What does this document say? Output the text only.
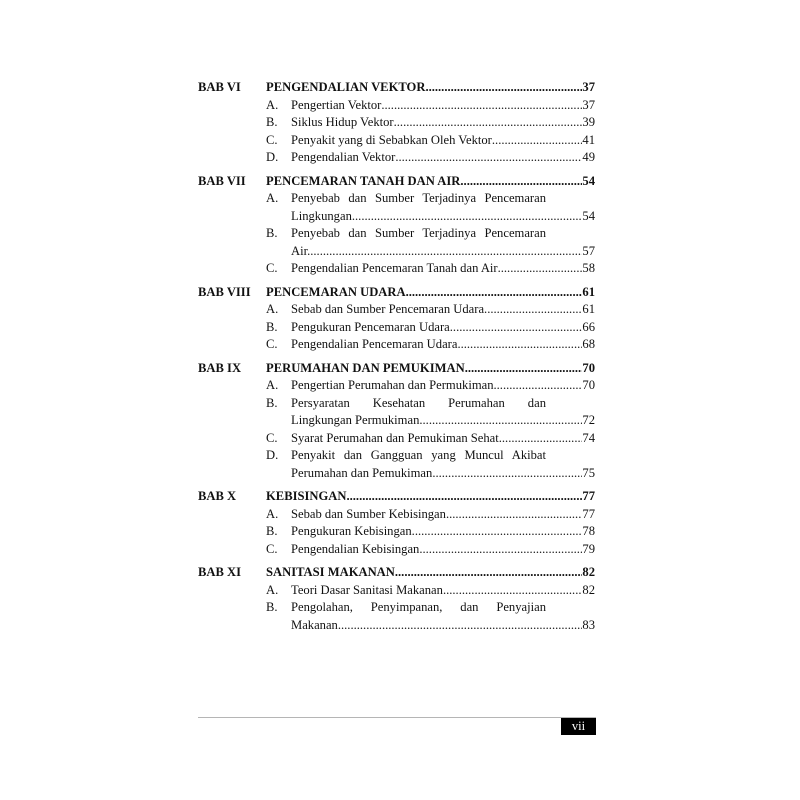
BAB VI	PENGENDALIAN VEKTOR .....	37
A.	Pengertian Vektor .....	37
B.	Siklus Hidup Vektor .....	39
C.	Penyakit yang di Sebabkan Oleh Vektor .....	41
D.	Pengendalian Vektor .....	49
BAB VII	PENCEMARAN TANAH DAN AIR .....	54
A.	Penyebab dan Sumber Terjadinya Pencemaran
Lingkungan. .....	54
B.	Penyebab dan Sumber Terjadinya Pencemaran
Air. .....	57
C.	Pengendalian Pencemaran Tanah dan Air .....	58
BAB VIII	PENCEMARAN UDARA .....	61
A.	Sebab dan Sumber Pencemaran Udara .....	61
B.	Pengukuran Pencemaran Udara .....	66
C.	Pengendalian Pencemaran Udara .....	68
BAB IX	PERUMAHAN DAN PEMUKIMAN .....	70
A.	Pengertian Perumahan dan Permukiman .....	70
B.	Persyaratan Kesehatan Perumahan dan
Lingkungan Permukiman .....	72
C.	Syarat Perumahan dan Pemukiman Sehat .....	74
D.	Penyakit dan Gangguan yang Muncul Akibat
Perumahan dan Pemukiman .....	75
BAB X	KEBISINGAN .....	77
A.	Sebab dan Sumber Kebisingan .....	77
B.	Pengukuran Kebisingan .....	78
C.	Pengendalian Kebisingan .....	79
BAB XI	SANITASI MAKANAN .....	82
A.	Teori Dasar Sanitasi Makanan .....	82
B.	Pengolahan, Penyimpanan, dan Penyajian
Makanan .....	83
vii
